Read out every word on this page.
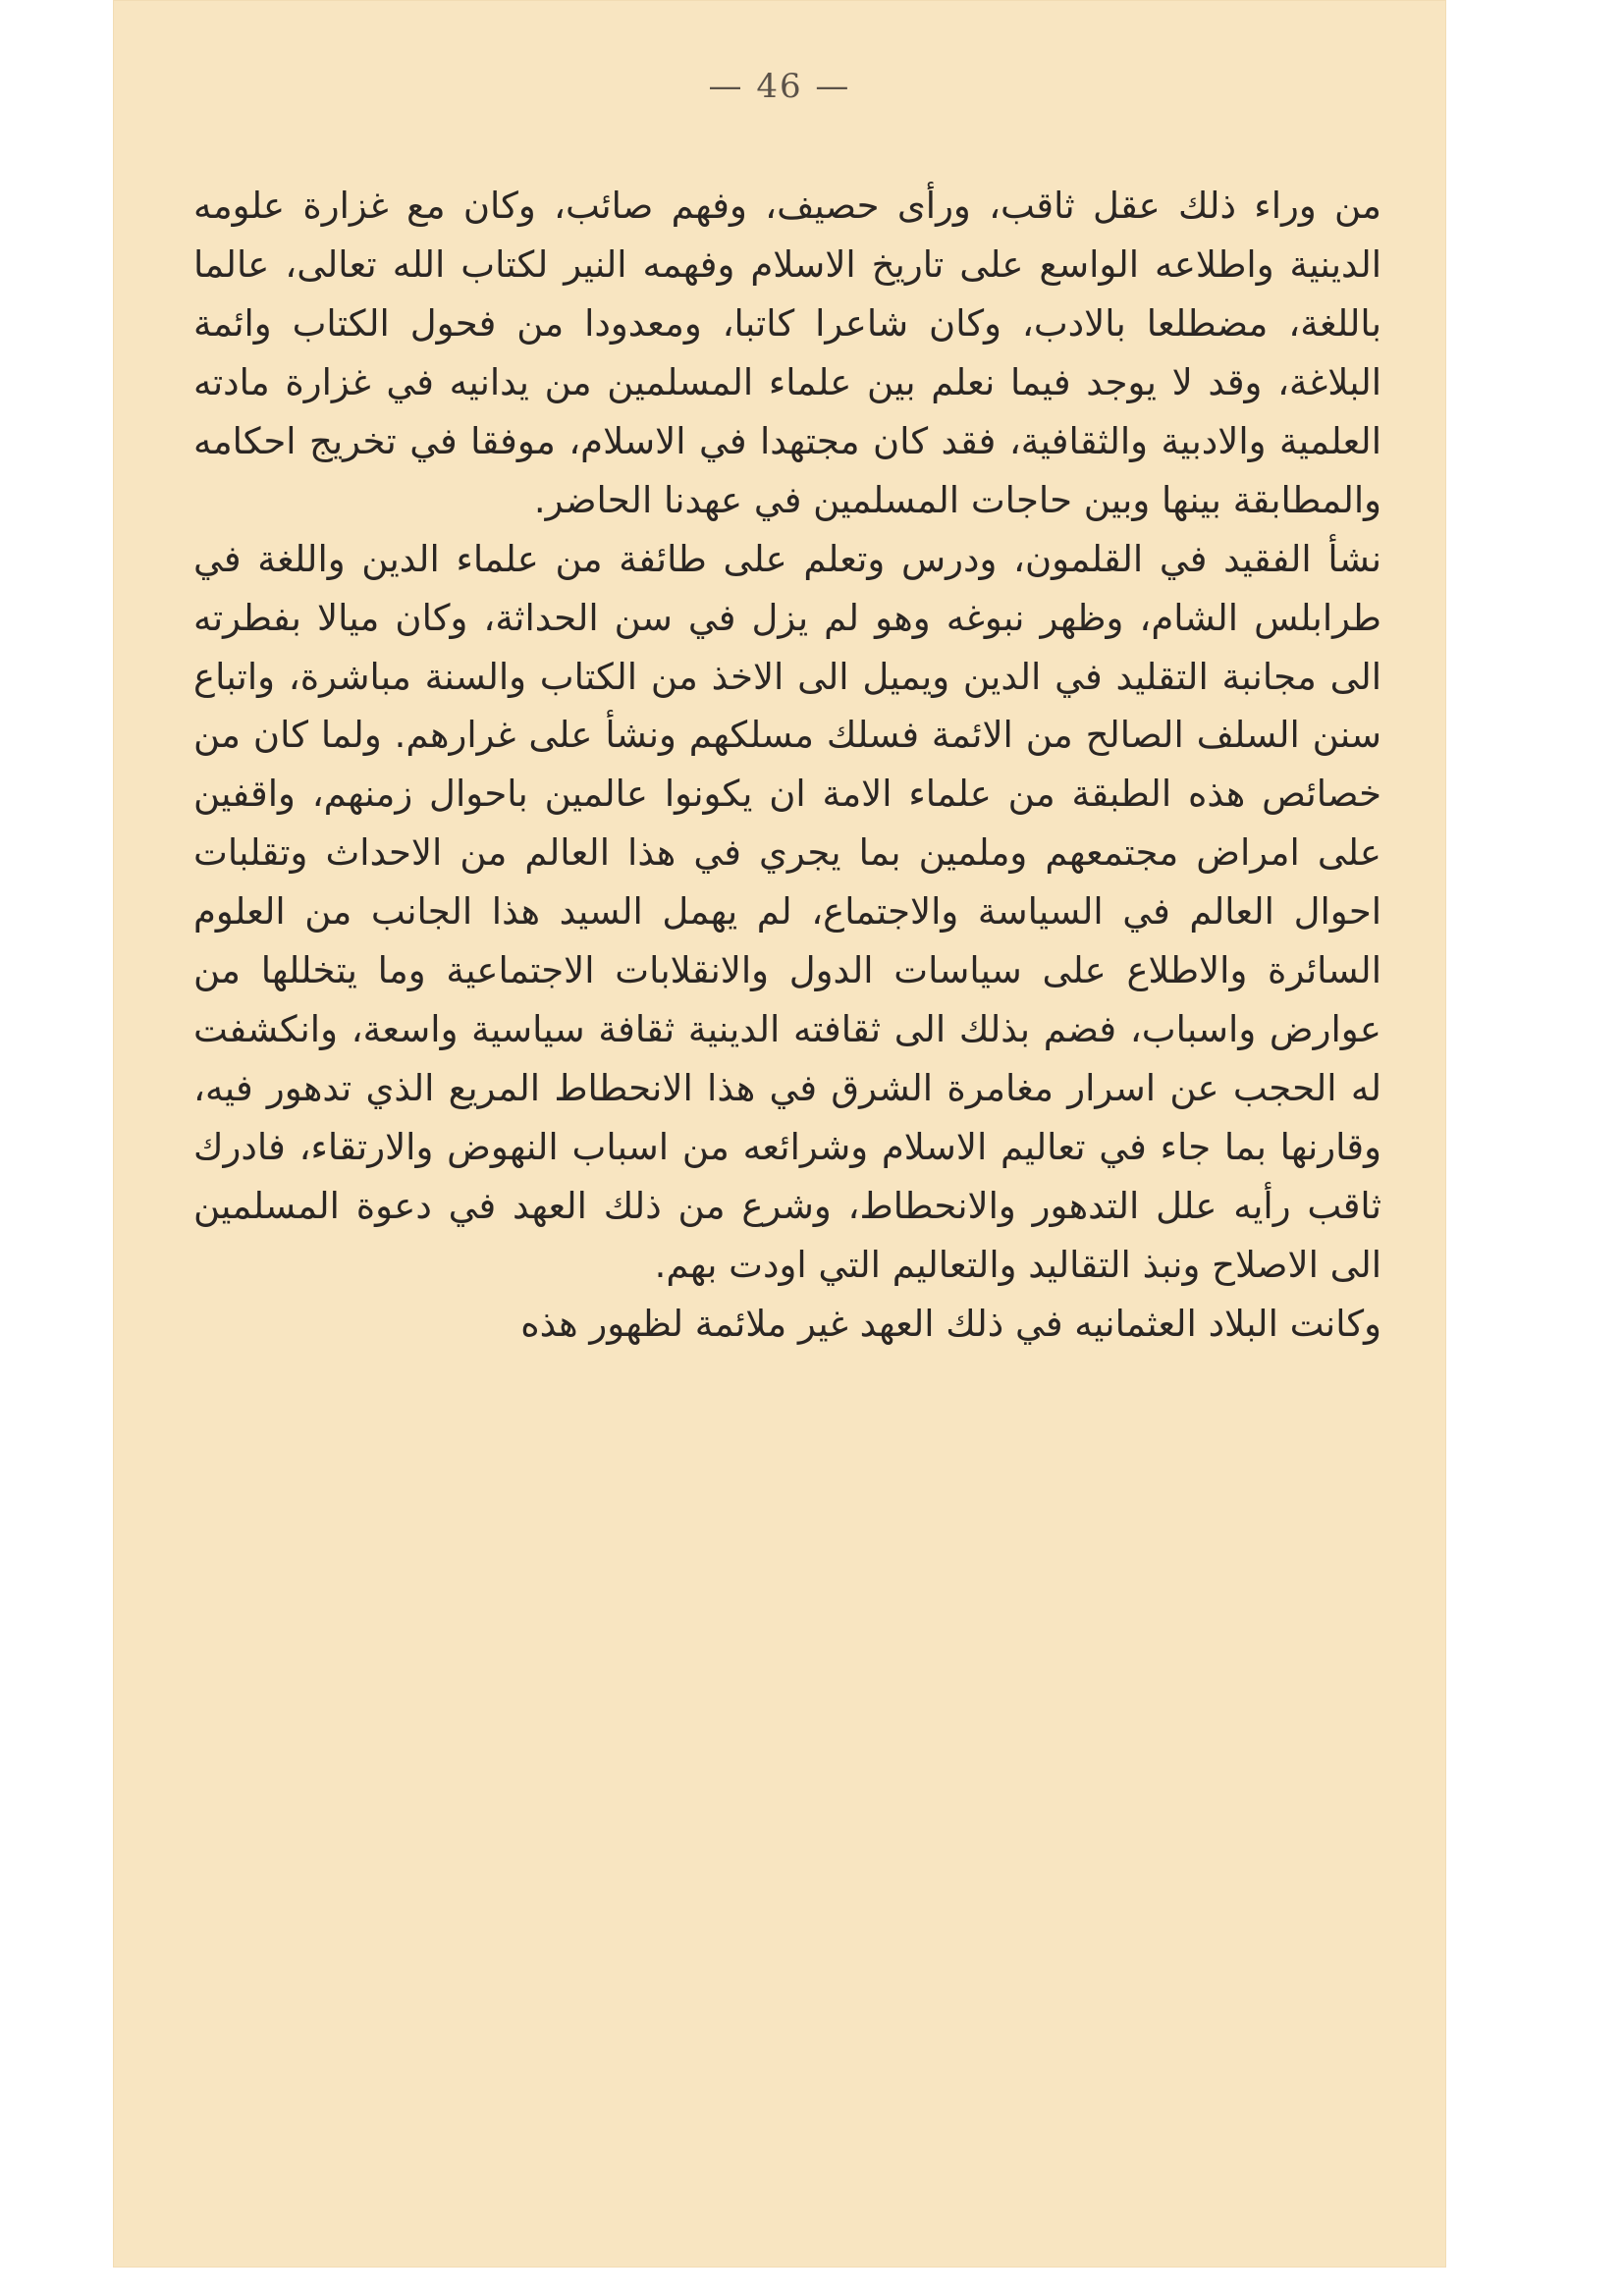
— 46 —

من وراء ذلك عقل ثاقب، ورأى حصيف، وفهم صائب، وكان مع غزارة علومه الدينية واطلاعه الواسع على تاريخ الاسلام وفهمه النير لكتاب الله تعالى، عالما باللغة، مضطلعا بالادب، وكان شاعرا كاتبا، ومعدودا من فحول الكتاب وائمة البلاغة، وقد لا يوجد فيما نعلم بين علماء المسلمين من يدانيه في غزارة مادته العلمية والادبية والثقافية، فقد كان مجتهدا في الاسلام، موفقا في تخريج احكامه والمطابقة بينها وبين حاجات المسلمين في عهدنا الحاضر.

نشأ الفقيد في القلمون، ودرس وتعلم على طائفة من علماء الدين واللغة في طرابلس الشام، وظهر نبوغه وهو لم يزل في سن الحداثة، وكان ميالا بفطرته الى مجانبة التقليد في الدين ويميل الى الاخذ من الكتاب والسنة مباشرة، واتباع سنن السلف الصالح من الائمة فسلك مسلكهم ونشأ على غرارهم. ولما كان من خصائص هذه الطبقة من علماء الامة ان يكونوا عالمين باحوال زمنهم، واقفين على امراض مجتمعهم وملمين بما يجري في هذا العالم من الاحداث وتقلبات احوال العالم في السياسة والاجتماع، لم يهمل السيد هذا الجانب من العلوم السائرة والاطلاع على سياسات الدول والانقلابات الاجتماعية وما يتخللها من عوارض واسباب، فضم بذلك الى ثقافته الدينية ثقافة سياسية واسعة، وانكشفت له الحجب عن اسرار مغامرة الشرق في هذا الانحطاط المريع الذي تدهور فيه، وقارنها بما جاء في تعاليم الاسلام وشرائعه من اسباب النهوض والارتقاء، فادرك ثاقب رأيه علل التدهور والانحطاط، وشرع من ذلك العهد في دعوة المسلمين الى الاصلاح ونبذ التقاليد والتعاليم التي اودت بهم.

وكانت البلاد العثمانيه في ذلك العهد غير ملائمة لظهور هذه
